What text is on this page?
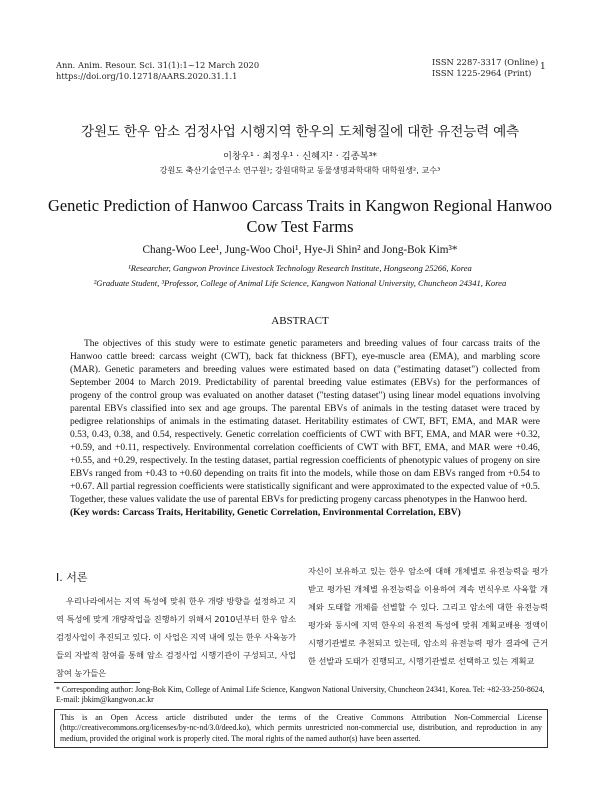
Ann. Anim. Resour. Sci. 31(1):1~12 March 2020
https://doi.org/10.12718/AARS.2020.31.1.1
ISSN 2287-3317 (Online)
ISSN 1225-2964 (Print)
1
강원도 한우 암소 검정사업 시행지역 한우의 도체형질에 대한 유전능력 예측
이창우¹ · 최정우¹ · 신혜지² · 김종복³*
강원도 축산기술연구소 연구원¹; 강원대학교 동물생명과학대학 대학원생², 교수³
Genetic Prediction of Hanwoo Carcass Traits in Kangwon Regional Hanwoo
Cow Test Farms
Chang-Woo Lee¹, Jung-Woo Choi¹, Hye-Ji Shin² and Jong-Bok Kim³*
¹Researcher, Gangwon Province Livestock Technology Research Institute, Hongseong 25266, Korea
²Graduate Student, ³Professor, College of Animal Life Science, Kangwon National University, Chuncheon 24341, Korea
ABSTRACT
The objectives of this study were to estimate genetic parameters and breeding values of four carcass traits of the Hanwoo cattle breed: carcass weight (CWT), back fat thickness (BFT), eye-muscle area (EMA), and marbling score (MAR). Genetic parameters and breeding values were estimated based on data ("estimating dataset") collected from September 2004 to March 2019. Predictability of parental breeding value estimates (EBVs) for the performances of progeny of the control group was evaluated on another dataset ("testing dataset") using linear model equations involving parental EBVs classified into sex and age groups. The parental EBVs of animals in the testing dataset were traced by pedigree relationships of animals in the estimating dataset. Heritability estimates of CWT, BFT, EMA, and MAR were 0.53, 0.43, 0.38, and 0.54, respectively. Genetic correlation coefficients of CWT with BFT, EMA, and MAR were +0.32, +0.59, and +0.11, respectively. Environmental correlation coefficients of CWT with BFT, EMA, and MAR were +0.46, +0.55, and +0.29, respectively. In the testing dataset, partial regression coefficients of phenotypic values of progeny on sire EBVs ranged from +0.43 to +0.60 depending on traits fit into the models, while those on dam EBVs ranged from +0.54 to +0.67. All partial regression coefficients were statistically significant and were approximated to the expected value of +0.5. Together, these values validate the use of parental EBVs for predicting progeny carcass phenotypes in the Hanwoo herd.
(Key words: Carcass Traits, Heritability, Genetic Correlation, Environmental Correlation, EBV)
Ⅰ. 서론
우리나라에서는 지역 특성에 맞춰 한우 개량 방향을 설정하고 지역 특성에 맞게 개량작업을 진행하기 위해서 2010년부터 한우 암소검정사업이 추진되고 있다. 이 사업은 지역 내에 있는 한우 사육농가들의 자발적 참여를 통해 암소 검정사업 시행기관이 구성되고, 사업 참여 농가들은
자신이 보유하고 있는 한우 암소에 대해 개체별로 유전능력을 평가받고 평가된 개체별 유전능력을 이용하여 계속 번식우로 사육할 개체와 도태할 개체를 선별할 수 있다. 그리고 암소에 대한 유전능력 평가와 동시에 지역 한우의 유전적 특성에 맞춰 계획교배용 정액이 시행기관별로 추천되고 있는데, 암소의 유전능력 평가 결과에 근거한 선발과 도태가 진행되고, 시행기관별로 선택하고 있는 계획교
* Corresponding author: Jong-Bok Kim, College of Animal Life Science, Kangwon National University, Chuncheon 24341, Korea. Tel: +82-33-250-8624, E-mail: jbkim@kangwon.ac.kr
This is an Open Access article distributed under the terms of the Creative Commons Attribution Non-Commercial License (http://creativecommons.org/licenses/by-nc-nd/3.0/deed.ko), which permits unrestricted non-commercial use, distribution, and reproduction in any medium, provided the original work is properly cited. The moral rights of the named author(s) have been asserted.
